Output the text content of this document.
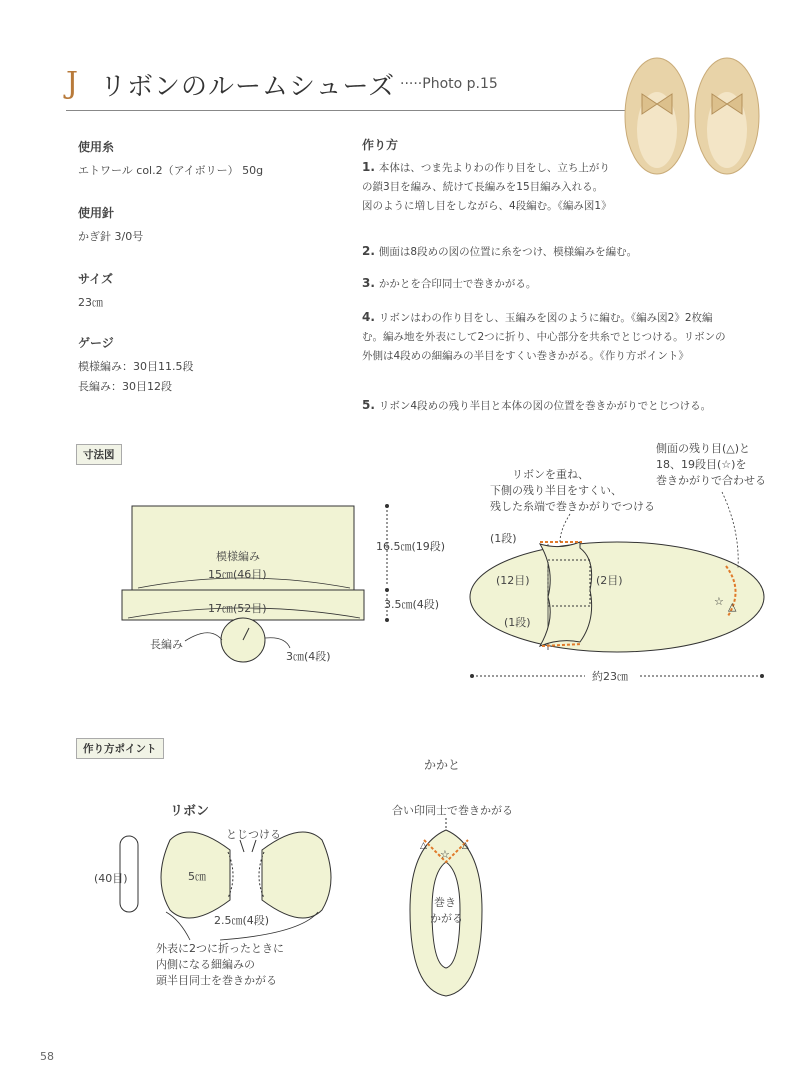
J リボンのルームシューズ ·····Photo p.15
使用糸
エトワール col.2（アイボリー） 50g
使用針
かぎ針 3/0号
サイズ
23㎝
ゲージ
模様編み：30目11.5段
長編み：30目12段
作り方
1. 本体は、つま先よりわの作り目をし、立ち上がりの鎖3目を編み、続けて長編みを15目編み入れる。図のように増し目をしながら、4段編む。《編み図1》
2. 側面は8段めの図の位置に糸をつけ、模様編みを編む。
3. かかとを合印同士で巻きかがる。
4. リボンはわの作り目をし、玉編みを図のように編む。《編み図2》2枚編む。編み地を外表にして2つに折り、中心部分を共糸でとじつける。リボンの外側は4段めの細編みの半目をすくい巻きかがる。《作り方ポイント》
5. リボン4段めの残り半目と本体の図の位置を巻きかがりでとじつける。
寸法図
☆ △
模様編み
15㎝(46目)
16.5㎝(19段)
17㎝(52目)	3.5㎝(4段)
長編み
3㎝(4段)
リボンを重ね、
下側の残り半目をすくい、
残した糸端で巻きかがりでつける
側面の残り目(△)と
18、19段目(☆)を
巻きかがりで合わせる
(1段)
(12目)	(2目)
(1段)
約23㎝
作り方ポイント
かかと
リボン
☆
△	△
(40目)
とじつける
5㎝
2.5㎝(4段)
外表に2つに折ったときに
内側になる細編みの
頭半目同士を巻きかがる
合い印同士で巻きかがる
巻き
かがる
58
